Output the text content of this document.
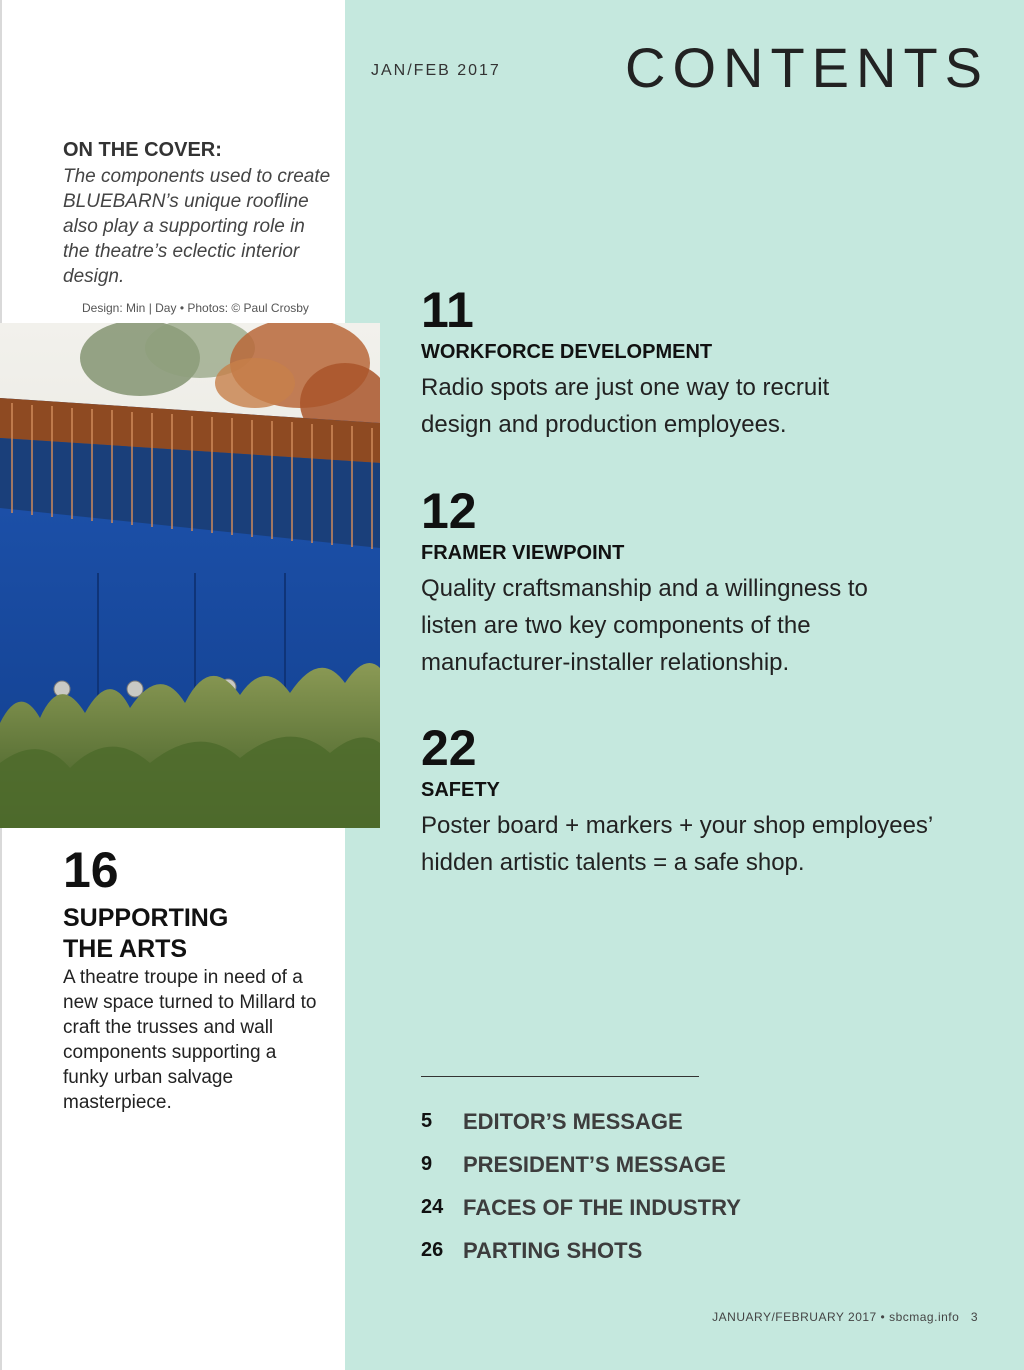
JAN/FEB 2017 CONTENTS

ON THE COVER:

The components used to create BLUEBARN’s unique roofline also play a supporting role in the theatre’s eclectic interior design.

Design: Min | Day • Photos: © Paul Crosby
16
SUPPORTING THE ARTS
A theatre troupe in need of a new space turned to Millard to craft the trusses and wall components supporting a funky urban salvage masterpiece.
11
WORKFORCE DEVELOPMENT
Radio spots are just one way to recruit design and production employees.
12
FRAMER VIEWPOINT
Quality craftsmanship and a willingness to listen are two key components of the manufacturer-installer relationship.
22
SAFETY
Poster board + markers + your shop employees’ hidden artistic talents = a safe shop.
5	EDITOR’S MESSAGE
9	PRESIDENT’S MESSAGE
24 FACES OF THE INDUSTRY
26 PARTING SHOTS
JANUARY/FEBRUARY 2017 • sbcmag.info 3
